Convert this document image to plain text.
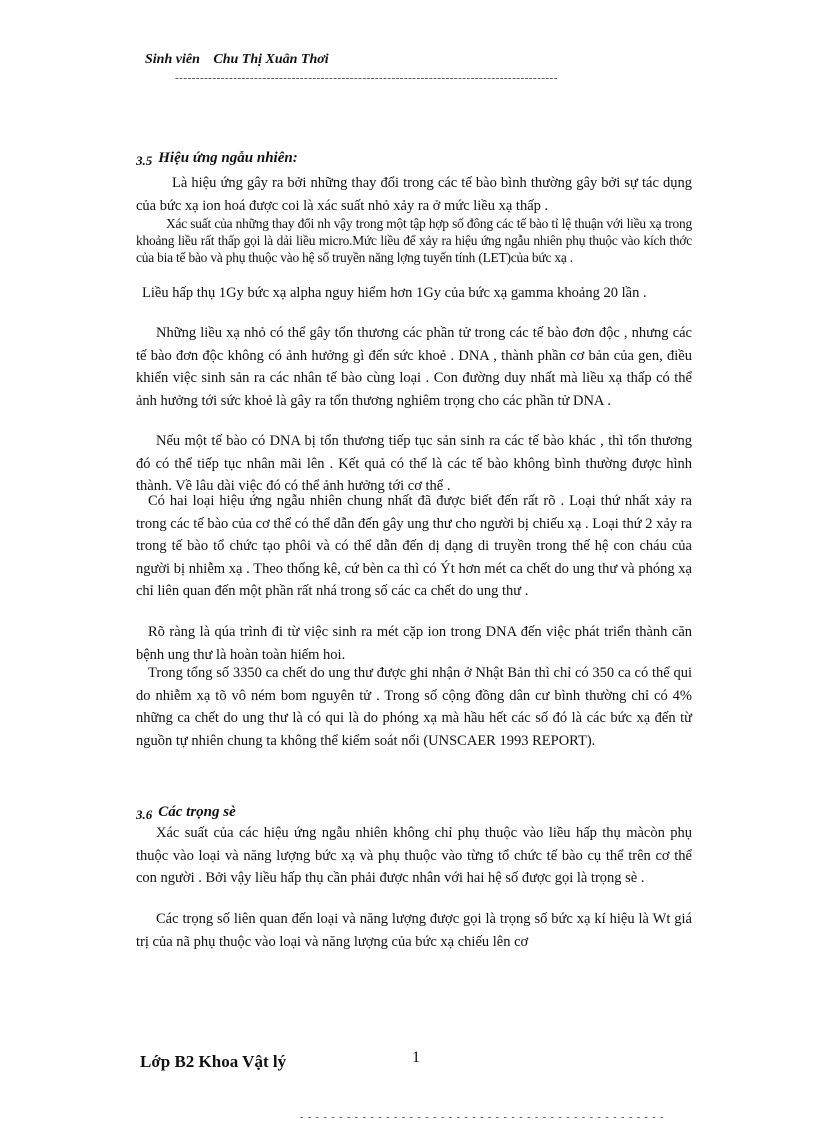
Sinh viên Chu Thị Xuân Thơi
--------------------------------------------------------------------------------------------
3.5 Hiệu ứng ngẫu nhiên:
Là hiệu ứng gây ra bởi những thay đổi trong các tế bào bình thường gây bởi sự tác dụng của bức xạ ion hoá được coi là xác suất nhỏ xảy ra ở mức liều xạ thấp .
Xác suất của những thay đổi nh vậy trong một tập hợp số đông các tế bào tỉ lệ thuận với liều xạ trong khoảng liều rất thấp gọi là dải liều micro.Mức liều để xảy ra hiệu ứng ngẫu nhiên phụ thuộc vào kích thớc của bia tế bào và phụ thuộc vào hệ số truyền năng lợng tuyến tính (LET)của bức xạ .
Liều hấp thụ 1Gy bức xạ alpha nguy hiểm hơn 1Gy của bức xạ gamma khoảng 20 lần .
Những liều xạ nhỏ có thể gây tổn thương các phần tử trong các tế bào đơn độc , nhưng các tế bào đơn độc không có ảnh hưởng gì đến sức khoẻ . DNA , thành phần cơ bản của gen, điều khiển việc sinh sản ra các nhân tế bào cùng loại . Con đường duy nhất mà liều xạ thấp có thể ảnh hưởng tới sức khoẻ là gây ra tổn thương nghiêm trọng cho các phần tử DNA .
Nếu một tế bào có DNA bị tổn thương tiếp tục sản sinh ra các tế bào khác , thì tổn thương đó có thể tiếp tục nhân mãi lên . Kết quả có thể là các tế bào không bình thường được hình thành. Về lâu dài việc đó có thể ảnh hưởng tới cơ thể .
Có hai loại hiệu ứng ngẫu nhiên chung nhất đã được biết đến rất rõ . Loại thứ nhất xảy ra trong các tế bào của cơ thể có thể dẫn đến gây ung thư cho người bị chiếu xạ . Loại thứ 2 xảy ra trong tế bào tổ chức tạo phôi và có thể dẫn đến dị dạng di truyền trong thế hệ con cháu của người bị nhiễm xạ . Theo thống kê, cứ bèn ca thì có Ýt hơn mét ca chết do ung thư và phóng xạ chỉ liên quan đến một phần rất nhá trong số các ca chết do ung thư .
Rõ ràng là qúa trình đi từ việc sinh ra mét cặp ion trong DNA đến việc phát triển thành căn bệnh ung thư là hoàn toàn hiếm hoi.
Trong tổng số 3350 ca chết do ung thư được ghi nhận ở Nhật Bản thì chỉ có 350 ca có thể qui do nhiễm xạ tõ vô ném bom nguyên tử . Trong số cộng đồng dân cư bình thường chỉ có 4% những ca chết do ung thư là có qui là do phóng xạ mà hầu hết các số đó là các bức xạ đến từ nguồn tự nhiên chung ta không thể kiểm soát nổi (UNSCAER 1993 REPORT).
3.6 Các trọng sè
Xác suất của các hiệu ứng ngẫu nhiên không chỉ phụ thuộc vào liều hấp thụ màcòn phụ thuộc vào loại và năng lượng bức xạ và phụ thuộc vào từng tổ chức tế bào cụ thể trên cơ thể con người . Bởi vậy liều hấp thụ cần phải được nhân với hai hệ số được gọi là trọng sè .
Các trọng số liên quan đến loại và năng lượng được gọi là trọng số bức xạ kí hiệu là Wt giá trị của nã phụ thuộc vào loại và năng lượng của bức xạ chiếu lên cơ
Lớp B2 Khoa Vật lý	1
- - - - - - - - - - - - - - - - - - - - - - - - - - - - - - - - - - - - - - - - - - - - - - -
